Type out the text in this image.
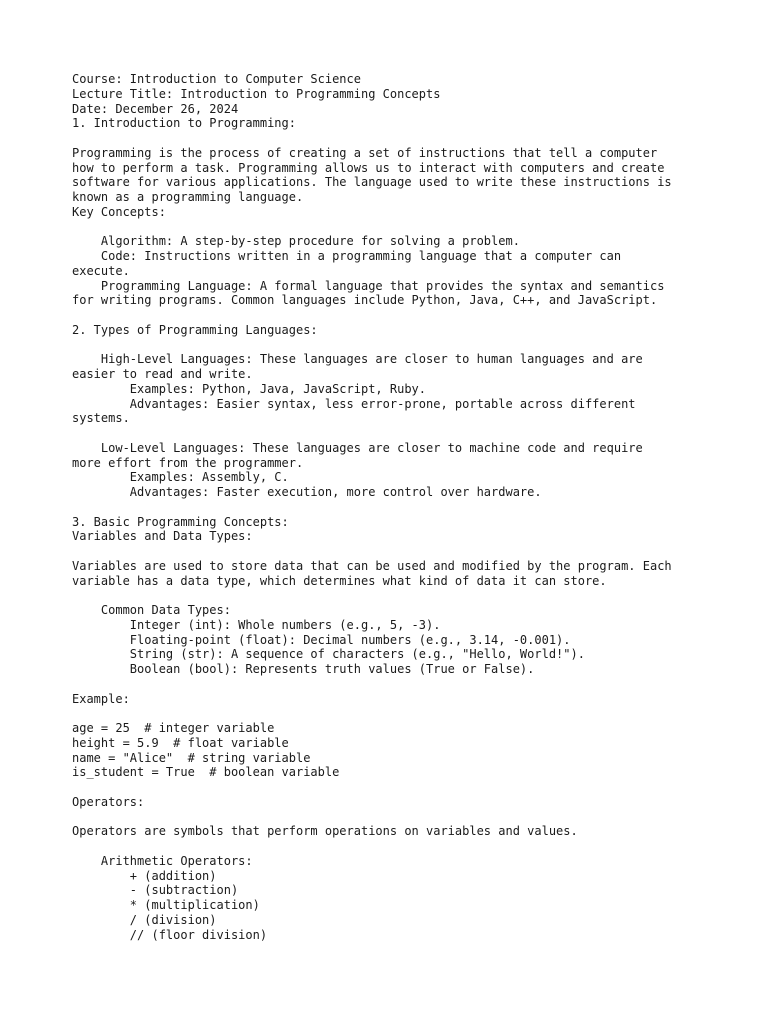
Course: Introduction to Computer Science
Lecture Title: Introduction to Programming Concepts
Date: December 26, 2024
1. Introduction to Programming:
Programming is the process of creating a set of instructions that tell a computer
how to perform a task. Programming allows us to interact with computers and create
software for various applications. The language used to write these instructions is
known as a programming language.
Key Concepts:
Algorithm: A step-by-step procedure for solving a problem.
Code: Instructions written in a programming language that a computer can
execute.
Programming Language: A formal language that provides the syntax and semantics
for writing programs. Common languages include Python, Java, C++, and JavaScript.
2. Types of Programming Languages:
High-Level Languages: These languages are closer to human languages and are
easier to read and write.
Examples: Python, Java, JavaScript, Ruby.
Advantages: Easier syntax, less error-prone, portable across different
systems.
Low-Level Languages: These languages are closer to machine code and require
more effort from the programmer.
Examples: Assembly, C.
Advantages: Faster execution, more control over hardware.
3. Basic Programming Concepts:
Variables and Data Types:
Variables are used to store data that can be used and modified by the program. Each
variable has a data type, which determines what kind of data it can store.
Common Data Types:
Integer (int): Whole numbers (e.g., 5, -3).
Floating-point (float): Decimal numbers (e.g., 3.14, -0.001).
String (str): A sequence of characters (e.g., "Hello, World!").
Boolean (bool): Represents truth values (True or False).
Example:
age = 25  # integer variable
height = 5.9  # float variable
name = "Alice"  # string variable
is_student = True  # boolean variable
Operators:
Operators are symbols that perform operations on variables and values.
Arithmetic Operators:
+ (addition)
- (subtraction)
* (multiplication)
/ (division)
// (floor division)
